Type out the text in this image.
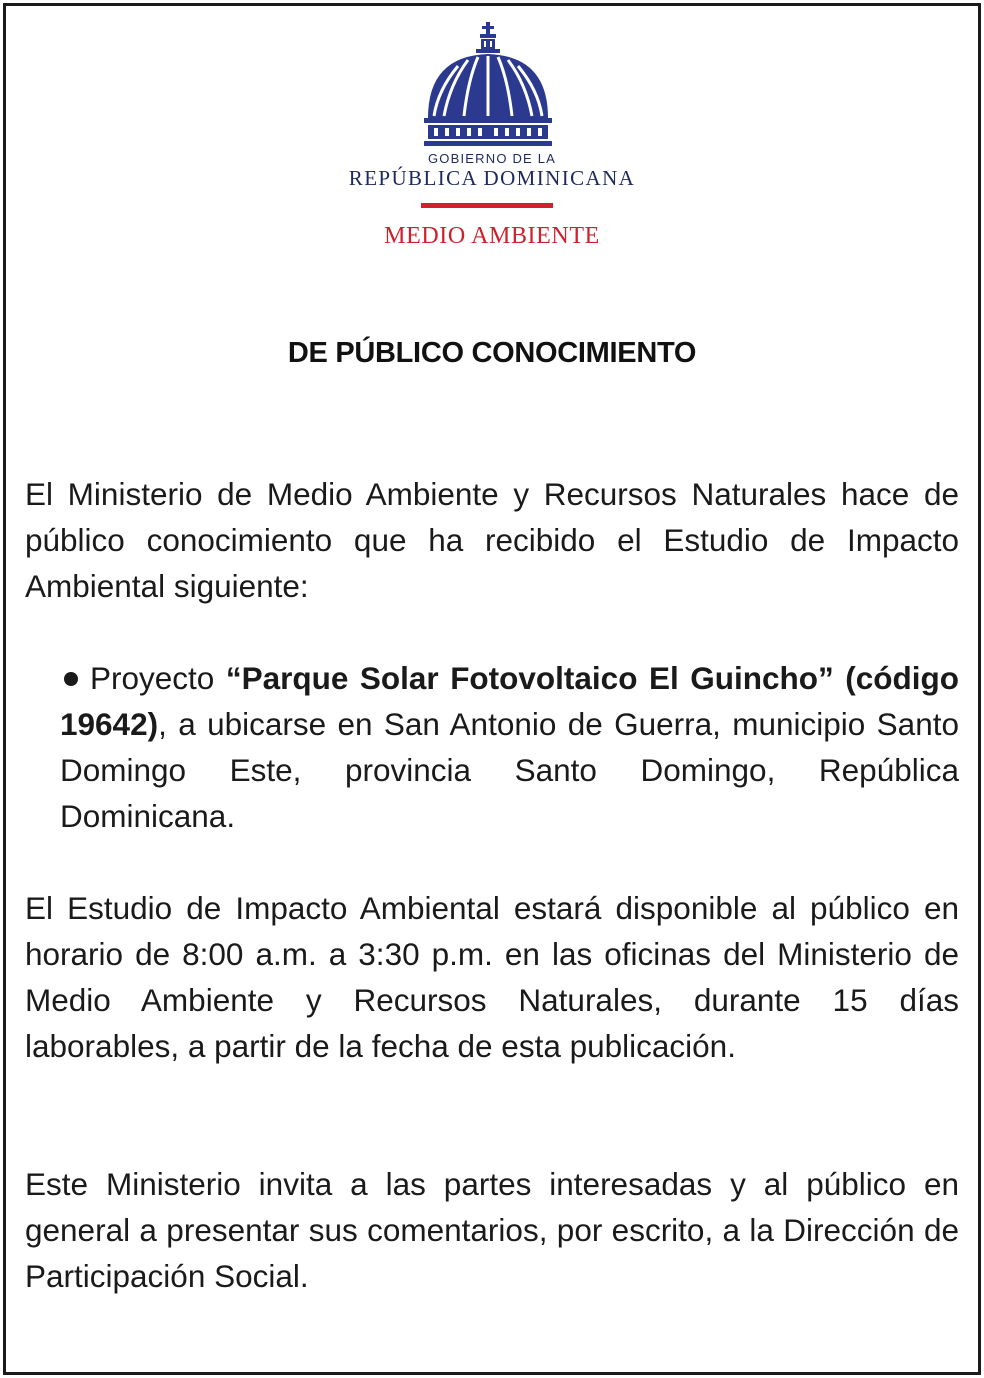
GOBIERNO DE LA
REPÚBLICA DOMINICANA
MEDIO AMBIENTE
DE PÚBLICO CONOCIMIENTO
El Ministerio de Medio Ambiente y Recursos Naturales hace de público conocimiento que ha recibido el Estudio de Impacto Ambiental siguiente:
Proyecto “Parque Solar Fotovoltaico El Guincho” (código 19642), a ubicarse en San Antonio de Guerra, municipio Santo Domingo Este, provincia Santo Domingo, República Dominicana.
El Estudio de Impacto Ambiental estará disponible al público en horario de 8:00 a.m. a 3:30 p.m. en las oficinas del Ministerio de Medio Ambiente y Recursos Naturales, durante 15 días laborables, a partir de la fecha de esta publicación.
Este Ministerio invita a las partes interesadas y al público en general a presentar sus comentarios, por escrito, a la Dirección de Participación Social.
